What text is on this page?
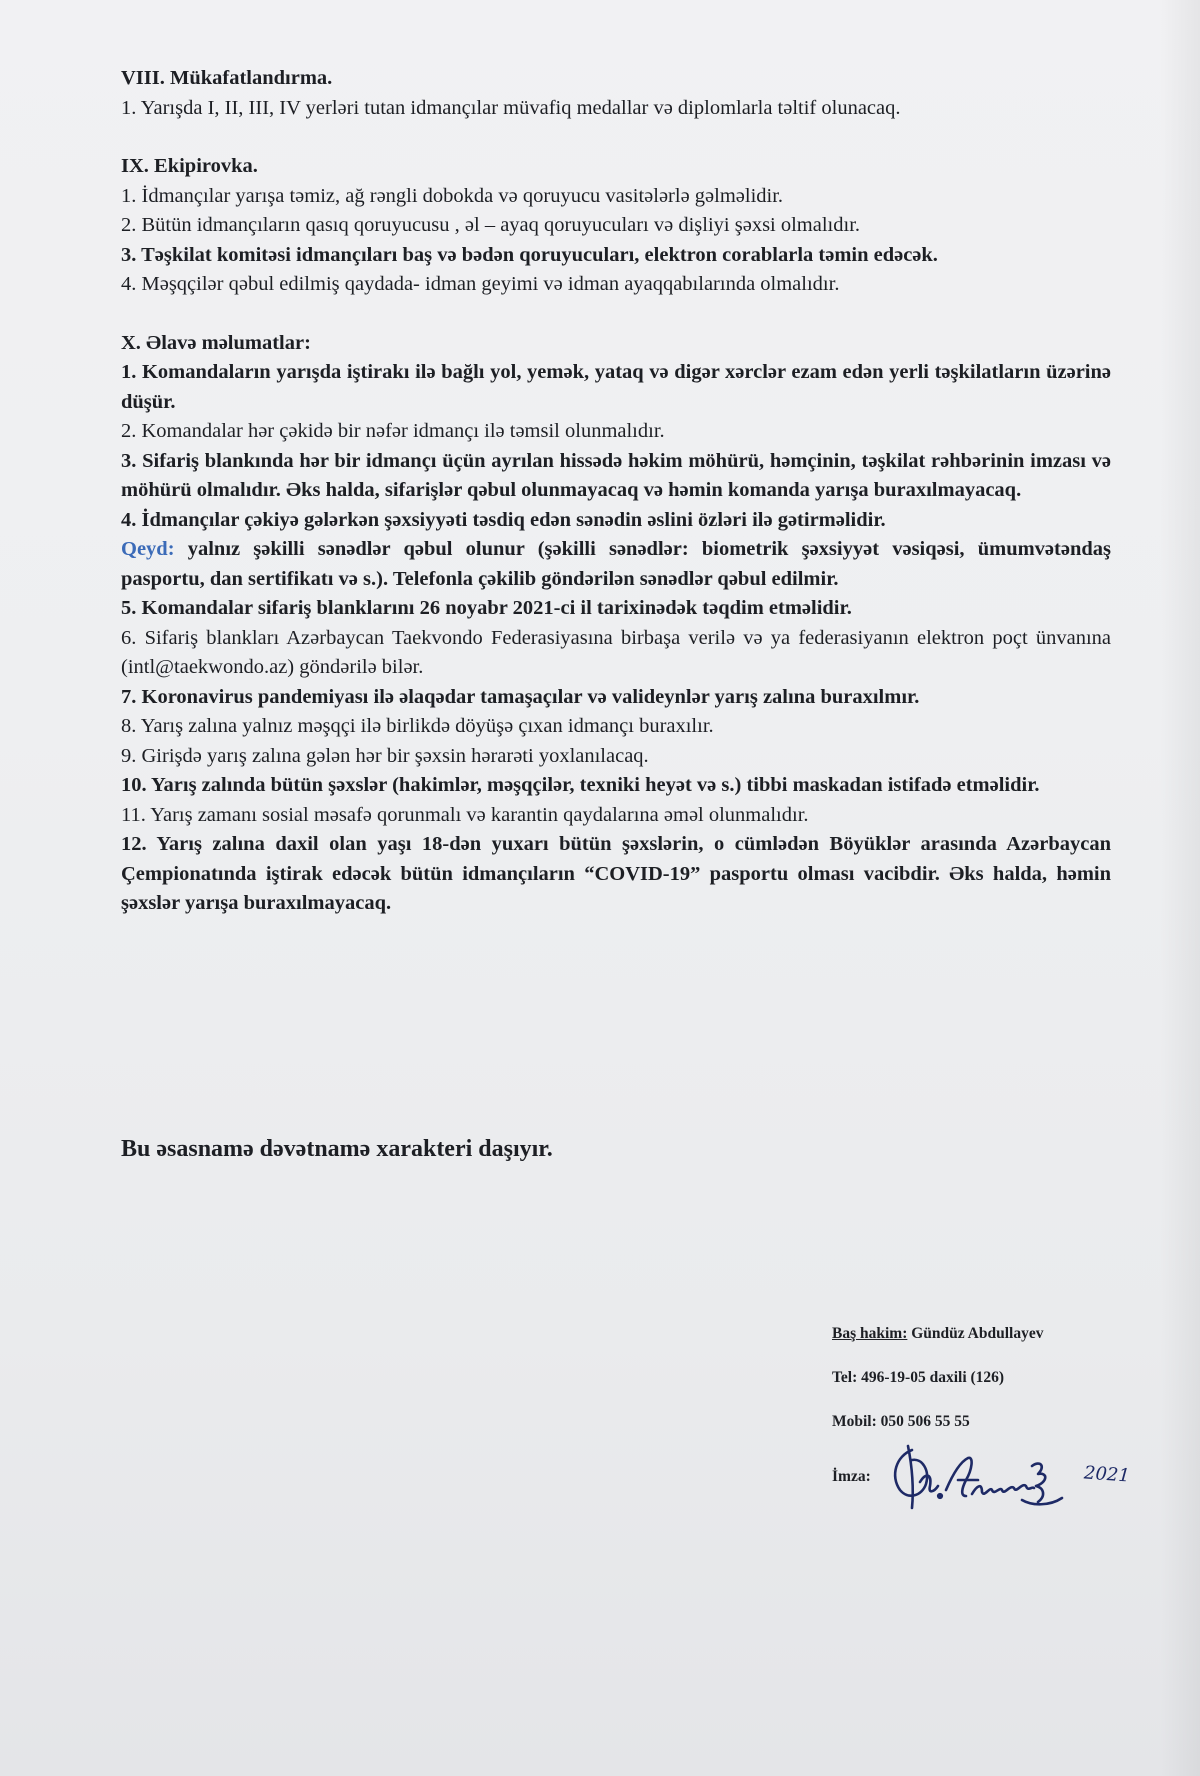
VIII. Mükafatlandırma.
1. Yarışda I, II, III, IV yerləri tutan idmançılar müvafiq medallar və diplomlarla təltif olunacaq.
IX. Ekipirovka.
1. İdmançılar yarışa təmiz, ağ rəngli dobokda və qoruyucu vasitələrlə gəlməlidir.
2. Bütün idmançıların qasıq qoruyucusu , əl – ayaq qoruyucuları və dişliyi şəxsi olmalıdır.
3. Təşkilat komitəsi idmançıları baş və bədən qoruyucuları, elektron corablarla təmin edəcək.
4. Məşqçilər qəbul edilmiş qaydada- idman geyimi və idman ayaqqabılarında olmalıdır.
X. Əlavə məlumatlar:
1. Komandaların yarışda iştirakı ilə bağlı yol, yemək, yataq və digər xərclər ezam edən yerli təşkilatların üzərinə düşür.
2. Komandalar hər çəkidə bir nəfər idmançı ilə təmsil olunmalıdır.
3. Sifariş blankında hər bir idmançı üçün ayrılan hissədə həkim möhürü, həmçinin, təşkilat rəhbərinin imzası və möhürü olmalıdır. Əks halda, sifarişlər qəbul olunmayacaq və həmin komanda yarışa buraxılmayacaq.
4. İdmançılar çəkiyə gələrkən şəxsiyyəti təsdiq edən sənədin əslini özləri ilə gətirməlidir.
Qeyd: yalnız şəkilli sənədlər qəbul olunur (şəkilli sənədlər: biometrik şəxsiyyət vəsiqəsi, ümumvətəndaş pasportu, dan sertifikatı və s.). Telefonla çəkilib göndərilən sənədlər qəbul edilmir.
5. Komandalar sifariş blanklarını 26 noyabr 2021-ci il tarixinədək təqdim etməlidir.
6. Sifariş blankları Azərbaycan Taekvondo Federasiyasına birbaşa verilə və ya federasiyanın elektron poçt ünvanına (intl@taekwondo.az) göndərilə bilər.
7. Koronavirus pandemiyası ilə əlaqədar tamaşaçılar və valideynlər yarış zalına buraxılmır.
8. Yarış zalına yalnız məşqçi ilə birlikdə döyüşə çıxan idmançı buraxılır.
9. Girişdə yarış zalına gələn hər bir şəxsin hərarəti yoxlanılacaq.
10. Yarış zalında bütün şəxslər (hakimlər, məşqçilər, texniki heyət və s.) tibbi maskadan istifadə etməlidir.
11. Yarış zamanı sosial məsafə qorunmalı və karantin qaydalarına əməl olunmalıdır.
12. Yarış zalına daxil olan yaşı 18-dən yuxarı bütün şəxslərin, o cümlədən Böyüklər arasında Azərbaycan Çempionatında iştirak edəcək bütün idmançıların “COVID-19” pasportu olması vacibdir. Əks halda, həmin şəxslər yarışa buraxılmayacaq.
Bu əsasnamə dəvətnamə xarakteri daşıyır.
Baş hakim: Gündüz Abdullayev
Tel: 496-19-05 daxili (126)
Mobil: 050 506 55 55
İmza:	2021
